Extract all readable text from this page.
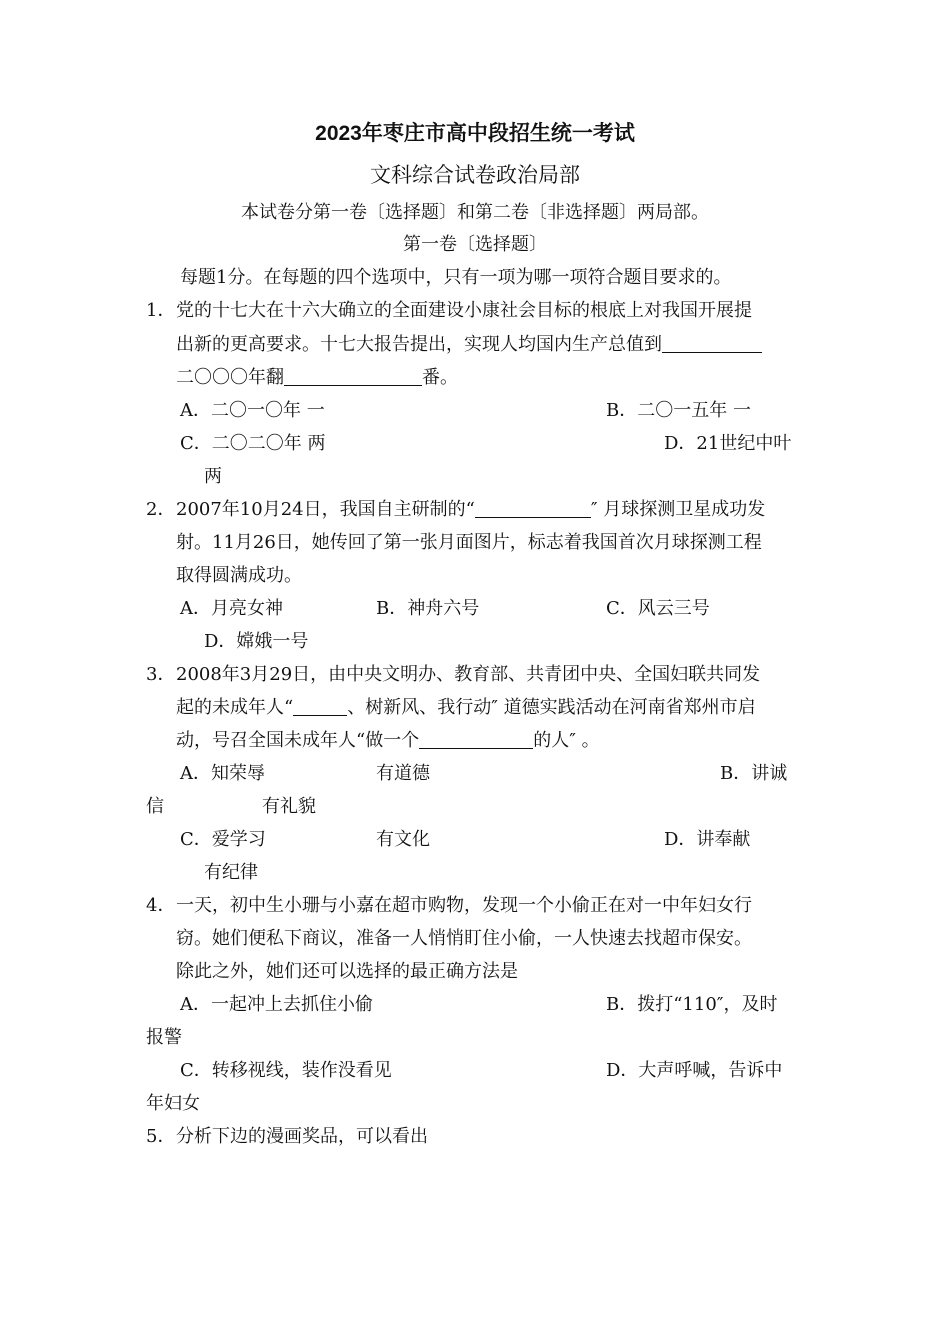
2023年枣庄市高中段招生统一考试
文科综合试卷政治局部
本试卷分第一卷〔选择题〕和第二卷〔非选择题〕两局部。
第一卷〔选择题〕
每题1分。在每题的四个选项中，只有一项为哪一项符合题目要求的。
1． 党的十七大在十六大确立的全面建设小康社会目标的根底上对我国开展提
出新的更高要求。十七大报告提出，实现人均国内生产总值到
二〇〇〇年翻	番。
A．二〇一〇年 一	B．二〇一五年 一
C．二〇二〇年 两	D．21世纪中叶
两
2． 2007年10月24日，我国自主研制的“	″ 月球探测卫星成功发
射。11月26日，她传回了第一张月面图片，标志着我国首次月球探测工程
取得圆满成功。
A．月亮女神	B．神舟六号	C．风云三号
D．嫦娥一号
3． 2008年3月29日，由中央文明办、教育部、共青团中央、全国妇联共同发
起的未成年人“	、树新风、我行动″ 道德实践活动在河南省郑州市启
动，号召全国未成年人“做一个	的人″ 。
A．知荣辱	有道德	B．讲诚
信	有礼貌
C．爱学习	有文化	D．讲奉献
有纪律
4． 一天，初中生小珊与小嘉在超市购物，发现一个小偷正在对一中年妇女行
窃。她们便私下商议，准备一人悄悄盯住小偷，一人快速去找超市保安。
除此之外，她们还可以选择的最正确方法是
A．一起冲上去抓住小偷	B．拨打“110″，及时
报警
C．转移视线，装作没看见	D．大声呼喊，告诉中
年妇女
5． 分析下边的漫画奖品，可以看出
